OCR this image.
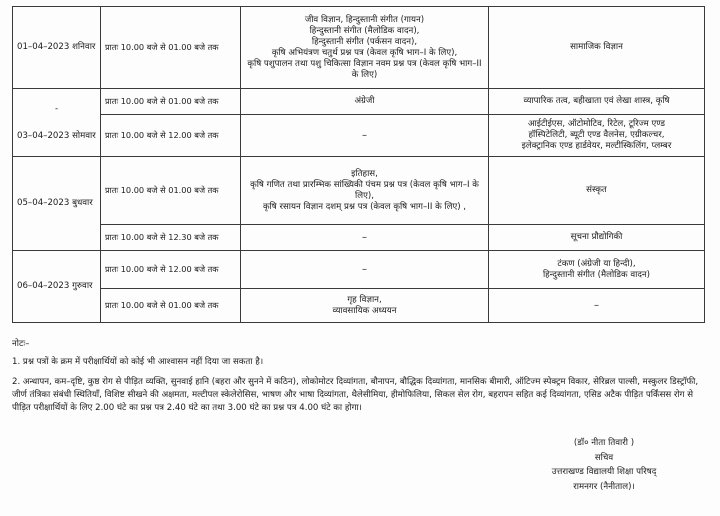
01–04–2023 शनिवार	प्रातः 10.00 बजे से 01.00 बजे तक	जीव विज्ञान, हिन्दुस्तानी संगीत (गायन)
हिन्दुस्तानी संगीत (मैलोडिक वादन),
हिन्दुस्तानी संगीत (पर्कसन वादन),
कृषि अभियंत्रण चतुर्थ प्रश्न पत्र (केवल कृषि भाग–I के लिए),
कृषि पशुपालन तथा पशु चिकित्सा विज्ञान नवम प्रश्न पत्र (केवल कृषि भाग–II के लिए)	सामाजिक विज्ञान

-
03–04–2023 सोमवार	प्रातः 10.00 बजे से 01.00 बजे तक	अंग्रेजी	व्यापारिक तत्व, बहीखाता एवं लेखा शास्त्र, कृषि
	प्रातः 10.00 बजे से 12.00 बजे तक	–	आईटीईएस, ऑटोमोटिव, रिटेल, टूरिज्म एण्ड
हॉस्पिटेलिटी, ब्यूटी एण्ड वैलनेस, एग्रीकल्चर,
इलेक्ट्रानिक एण्ड हार्डवेयर, मल्टीस्किलिंग, प्लम्बर

05–04–2023 बुधवार	प्रातः 10.00 बजे से 01.00 बजे तक	इतिहास,
कृषि गणित तथा प्रारम्भिक सांख्यिकी पंचम प्रश्न पत्र (केवल कृषि भाग–I के लिए),
कृषि रसायन विज्ञान दशम् प्रश्न पत्र (केवल कृषि भाग–II के लिए) ,	संस्कृत
	प्रातः 10.00 बजे से 12.30 बजे तक	–	सूचना प्रौद्योगिकी
06–04–2023 गुरुवार	प्रातः 10.00 बजे से 12.00 बजे तक	–	टंकण (अंग्रेजी या हिन्दी),
हिन्दुस्तानी संगीत (मैलोडिक वादन)

	प्रातः 10.00 बजे से 01.00 बजे तक	गृह विज्ञान,
व्यावसायिक अध्ययन	–
नोटः–
1. प्रश्न पत्रों के क्रम में परीक्षार्थियों को कोई भी आश्वासन नहीं दिया जा सकता है।
2. अन्धापन, कम–दृष्टि, कुष्ठ रोग से पीड़ित व्यक्ति, सुनवाई हानि (बहरा और सुनने में कठिन), लोकोमोटर दिव्यांगता, बौनापन, बौद्धिक दिव्यांगता, मानसिक बीमारी, ऑटिज्म स्पेक्ट्रम विकार, सेरिब्रल पाल्सी, मस्कुलर डिस्ट्रॉफी, जीर्ण तंत्रिका संबंधी स्थितियाँ, विशिष्ट सीखने की अक्षमता, मल्टीपल स्केलेरोसिस, भाषण और भाषा दिव्यांगता, थैलेसीमिया, हीमोफिलिया, सिकल सेल रोग, बहरापन सहित कई दिव्यांगता, एसिड अटैक पीड़ित पर्किंसस रोग से पीड़ित परीक्षार्थियों के लिए 2.00 घंटे का प्रश्न पत्र 2.40 घंटे का तथा 3.00 घंटे का प्रश्न पत्र 4.00 घंटे का होगा।
(डॉ० नीता तिवारी )
सचिव
उत्तराखण्ड विद्यालयी शिक्षा परिषद्
रामनगर (नैनीताल)।
